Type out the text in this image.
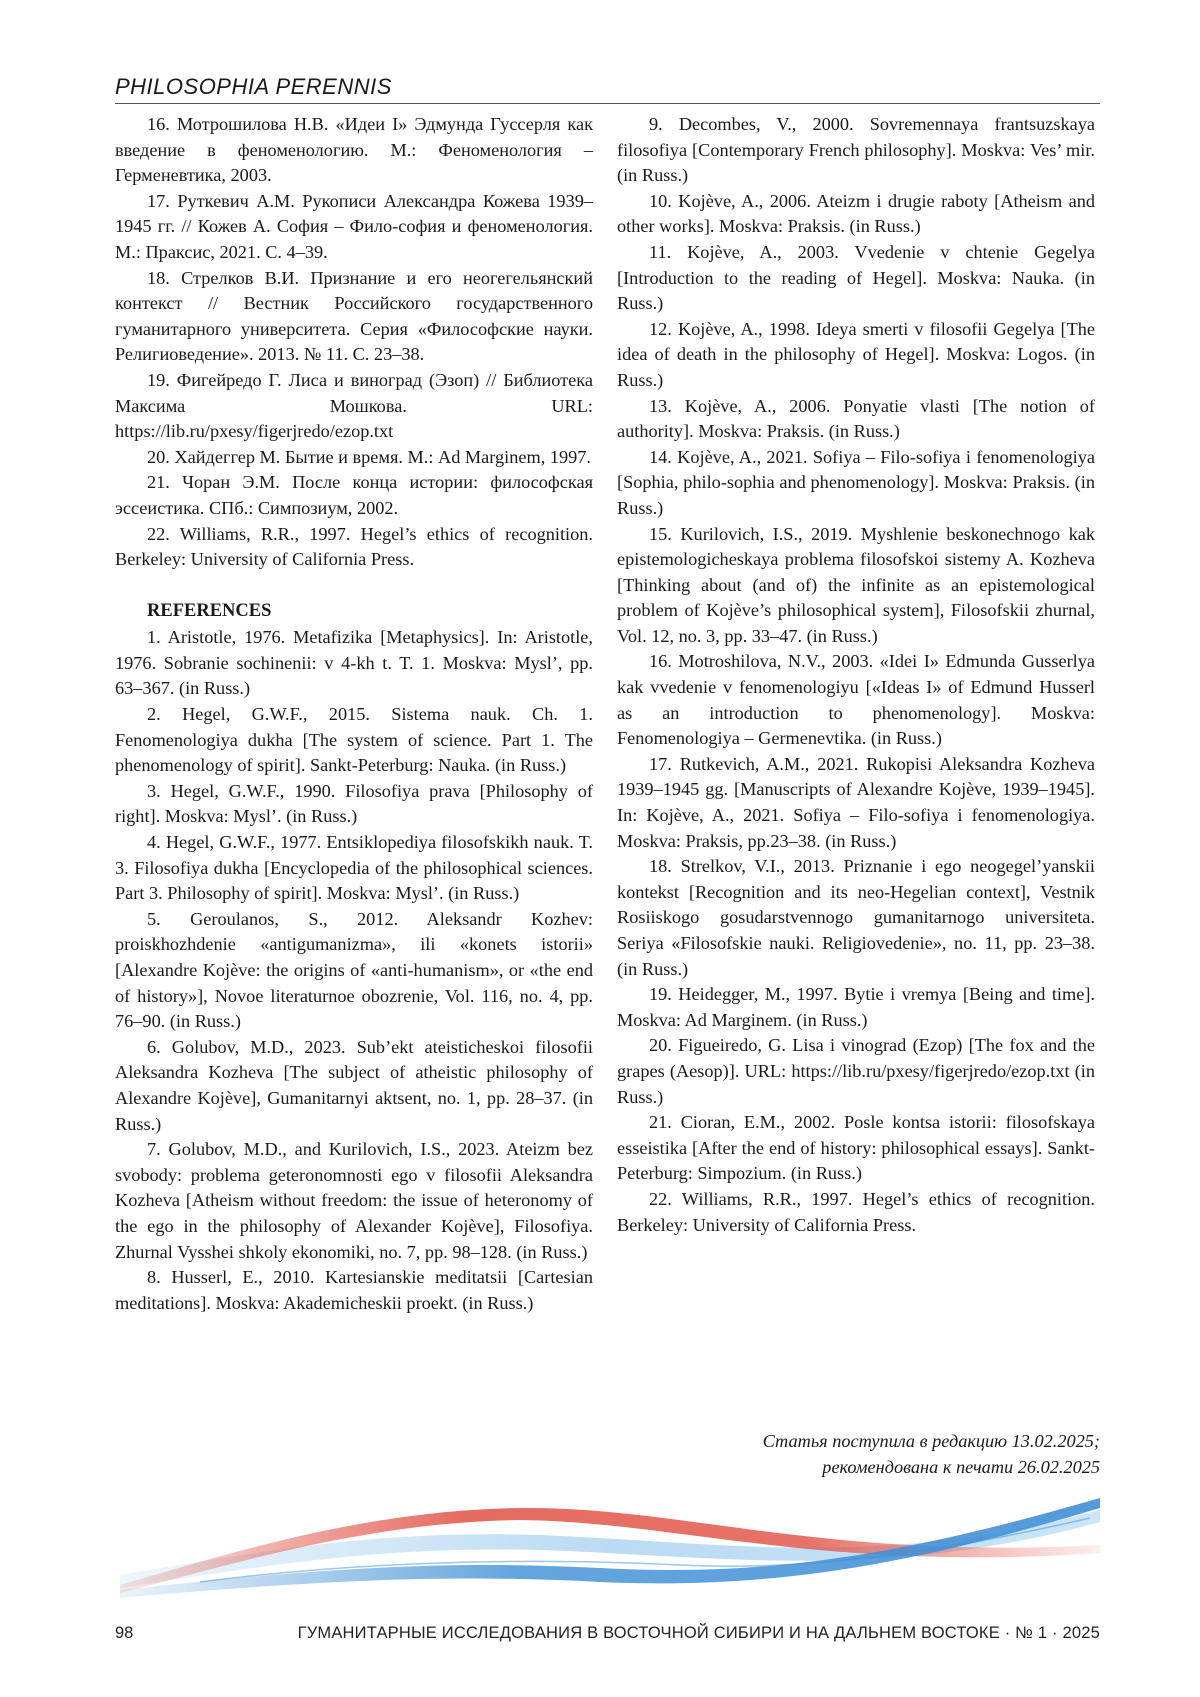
PHILOSOPHIA PERENNIS

16. Мотрошилова Н.В. «Идеи I» Эдмунда Гуссерля как введение в феноменологию. М.: Феноменология – Герменевтика, 2003.

17. Руткевич А.М. Рукописи Александра Кожева 1939–1945 гг. // Кожев А. София – Фило-софия и феноменология. М.: Праксис, 2021. С. 4–39.

18. Стрелков В.И. Признание и его неогегельянский контекст // Вестник Российского государственного гуманитарного университета. Серия «Философские науки. Религиоведение». 2013. № 11. С. 23–38.

19. Фигейредо Г. Лиса и виноград (Эзоп) // Библиотека Максима Мошкова. URL: https://lib.ru/pxesy/figerjredo/ezop.txt

20. Хайдеггер М. Бытие и время. М.: Ad Marginem, 1997.

21. Чоран Э.М. После конца истории: философская эссеистика. СПб.: Симпозиум, 2002.

22. Williams, R.R., 1997. Hegel’s ethics of recognition. Berkeley: University of California Press.

REFERENCES

1. Aristotle, 1976. Metafizika [Metaphysics]. In: Aristotle, 1976. Sobranie sochinenii: v 4-kh t. T. 1. Moskva: Mysl’, pp. 63–367. (in Russ.)

2. Hegel, G.W.F., 2015. Sistema nauk. Ch. 1. Fenomenologiya dukha [The system of science. Part 1. The phenomenology of spirit]. Sankt-Peterburg: Nauka. (in Russ.)

3. Hegel, G.W.F., 1990. Filosofiya prava [Philosophy of right]. Moskva: Mysl’. (in Russ.)

4. Hegel, G.W.F., 1977. Entsiklopediya filosofskikh nauk. T. 3. Filosofiya dukha [Encyclopedia of the philosophical sciences. Part 3. Philosophy of spirit]. Moskva: Mysl’. (in Russ.)

5. Geroulanos, S., 2012. Aleksandr Kozhev: proiskhozhdenie «antigumanizma», ili «konets istorii» [Alexandre Kojève: the origins of «anti-humanism», or «the end of history»], Novoe literaturnoe obozrenie, Vol. 116, no. 4, pp. 76–90. (in Russ.)

6. Golubov, M.D., 2023. Sub’ekt ateisticheskoi filosofii Aleksandra Kozheva [The subject of atheistic philosophy of Alexandre Kojève], Gumanitarnyi aktsent, no. 1, pp. 28–37. (in Russ.)

7. Golubov, M.D., and Kurilovich, I.S., 2023. Ateizm bez svobody: problema geteronomnosti ego v filosofii Aleksandra Kozheva [Atheism without freedom: the issue of heteronomy of the ego in the philosophy of Alexander Kojève], Filosofiya. Zhurnal Vysshei shkoly ekonomiki, no. 7, pp. 98–128. (in Russ.)

8. Husserl, E., 2010. Kartesianskie meditatsii [Cartesian meditations]. Moskva: Akademicheskii proekt. (in Russ.)

9. Decombes, V., 2000. Sovremennaya frantsuzskaya filosofiya [Contemporary French philosophy]. Moskva: Ves’ mir. (in Russ.)

10. Kojève, A., 2006. Ateizm i drugie raboty [Atheism and other works]. Moskva: Praksis. (in Russ.)

11. Kojève, A., 2003. Vvedenie v chtenie Gegelya [Introduction to the reading of Hegel]. Moskva: Nauka. (in Russ.)

12. Kojève, A., 1998. Ideya smerti v filosofii Gegelya [The idea of death in the philosophy of Hegel]. Moskva: Logos. (in Russ.)

13. Kojève, A., 2006. Ponyatie vlasti [The notion of authority]. Moskva: Praksis. (in Russ.)

14. Kojève, A., 2021. Sofiya – Filo-sofiya i fenomenologiya [Sophia, philo-sophia and phenomenology]. Moskva: Praksis. (in Russ.)

15. Kurilovich, I.S., 2019. Myshlenie beskonechnogo kak epistemologicheskaya problema filosofskoi sistemy A. Kozheva [Thinking about (and of) the infinite as an epistemological problem of Kojève’s philosophical system], Filosofskii zhurnal, Vol. 12, no. 3, pp. 33–47. (in Russ.)

16. Motroshilova, N.V., 2003. «Idei I» Edmunda Gusserlya kak vvedenie v fenomenologiyu [«Ideas I» of Edmund Husserl as an introduction to phenomenology]. Moskva: Fenomenologiya – Germenevtika. (in Russ.)

17. Rutkevich, A.M., 2021. Rukopisi Aleksandra Kozheva 1939–1945 gg. [Manuscripts of Alexandre Kojève, 1939–1945]. In: Kojève, A., 2021. Sofiya – Filo-sofiya i fenomenologiya. Moskva: Praksis, pp.23–38. (in Russ.)

18. Strelkov, V.I., 2013. Priznanie i ego neogegel’yanskii kontekst [Recognition and its neo-Hegelian context], Vestnik Rosiiskogo gosudarstvennogo gumanitarnogo universiteta. Seriya «Filosofskie nauki. Religiovedenie», no. 11, pp. 23–38. (in Russ.)

19. Heidegger, M., 1997. Bytie i vremya [Being and time]. Moskva: Ad Marginem. (in Russ.)

20. Figueiredo, G. Lisa i vinograd (Ezop) [The fox and the grapes (Aesop)]. URL: https://lib.ru/pxesy/figerjredo/ezop.txt (in Russ.)

21. Cioran, E.M., 2002. Posle kontsa istorii: filosofskaya esseistika [After the end of history: philosophical essays]. Sankt-Peterburg: Simpozium. (in Russ.)

22. Williams, R.R., 1997. Hegel’s ethics of recognition. Berkeley: University of California Press.

Статья поступила в редакцию 13.02.2025;
рекомендована к печати 26.02.2025
98	ГУМАНИТАРНЫЕ ИССЛЕДОВАНИЯ В ВОСТОЧНОЙ СИБИРИ И НА ДАЛЬНЕМ ВОСТОКЕ · № 1 · 2025
